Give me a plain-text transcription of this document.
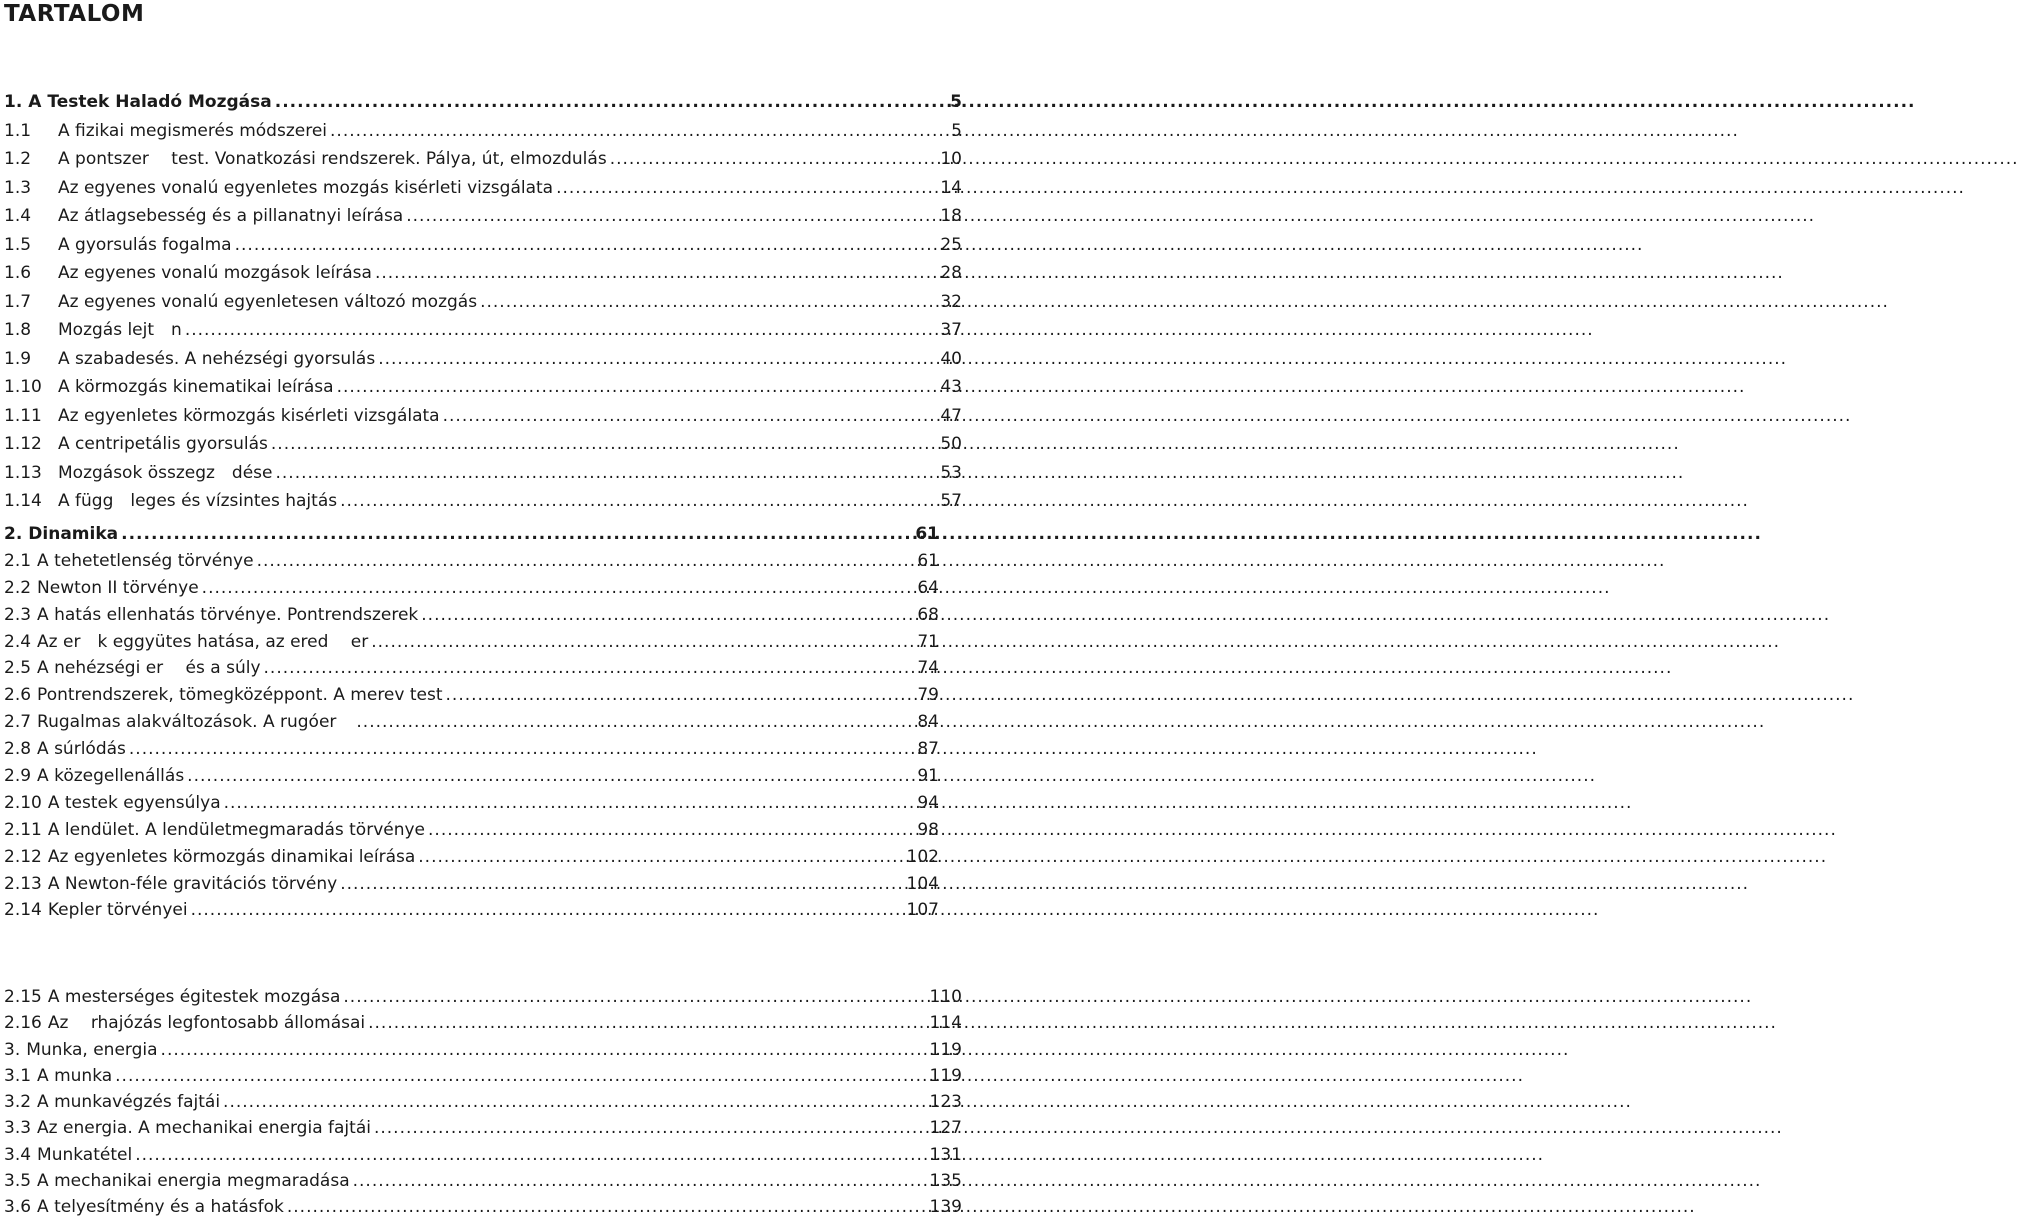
TARTALOM
1. A Testek Haladó Mozgása .....	5
1.1	A fizikai megismerés módszerei .....	5
1.2	A pontszer  test. Vonatkozási rendszerek. Pálya, út, elmozdulás .....	10
1.3	Az egyenes vonalú egyenletes mozgás kisérleti vizsgálata .....	14
1.4	Az átlagsebesség és a pillanatnyi leírása .....	18
1.5	A gyorsulás fogalma .....	25
1.6	Az egyenes vonalú mozgások leírása .....	28
1.7	Az egyenes vonalú egyenletesen változó mozgás .....	32
1.8	Mozgás lejt n .....	37
1.9	A szabadesés. A nehézségi gyorsulás .....	40
1.10 A körmozgás kinematikai leírása .....	43
1.11 Az egyenletes körmozgás kisérleti vizsgálata .....	47
1.12 A centripetális gyorsulás .....	50
1.13 Mozgások összegz dése .....	53
1.14 A függ leges és vízsintes hajtás .....	57
2. Dinamika .....	61
2.1 A tehetetlenség törvénye .....	61
2.2 Newton II törvénye .....	64
2.3 A hatás ellenhatás törvénye. Pontrendszerek .....	68
2.4 Az er k eggyütes hatása, az ered  er .....	71
2.5 A nehézségi er  és a súly .....	74
2.6 Pontrendszerek, tömegközéppont. A merev test .....	79
2.7 Rugalmas alakváltozások. A rugóer  .....	84
2.8 A súrlódás .....	87
2.9 A közegellenállás .....	91
2.10 A testek egyensúlya .....	94
2.11 A lendület. A lendületmegmaradás törvénye .....	98
2.12 Az egyenletes körmozgás dinamikai leírása .....	102
2.13 A Newton-féle gravitációs törvény .....	104
2.14 Kepler törvényei .....	107
2.15 A mesterséges égitestek mozgása .....	110
2.16 Az  rhajózás legfontosabb állomásai .....	114
3. Munka, energia .....	119
3.1 A munka .....	119
3.2 A munkavégzés fajtái .....	123
3.3 Az energia. A mechanikai energia fajtái .....	127
3.4 Munkatétel .....	131
3.5 A mechanikai energia megmaradása .....	135
3.6 A telyesítmény és a hatásfok .....	139
